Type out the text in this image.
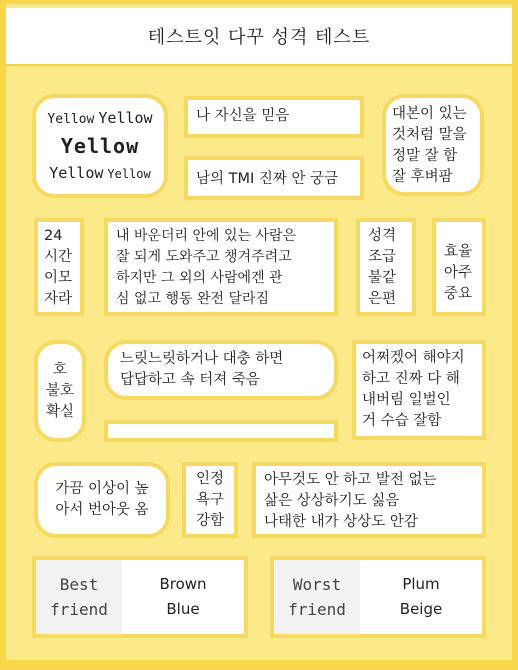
테스트잇 다꾸 성격 테스트
Yellow Yellow
Yellow
Yellow Yellow
나 자신을 믿음
남의 TMI 진짜 안 궁금
대본이 있는
것처럼 말을
정말 잘 함
잘 후벼팜
24
시간
이모
자라
내 바운더리 안에 있는 사람은
잘 되게 도와주고 챙겨주려고
하지만 그 외의 사람에겐 관
심 없고 행동 완전 달라짐
성격
조급
불같
은편
효율
아주
중요
호
불호
확실
느릿느릿하거나 대충 하면
답답하고 속 터져 죽음
어쩌겠어 해야지
하고 진짜 다 해
내버림 일벌인
거 수습 잘함
가끔 이상이 높
아서 번아웃 옴
인정
욕구
강함
아무것도 안 하고 발전 없는
삶은 상상하기도 싫음
나태한 내가 상상도 안감
Best
friend
Brown
Blue
Worst
friend
Plum
Beige
